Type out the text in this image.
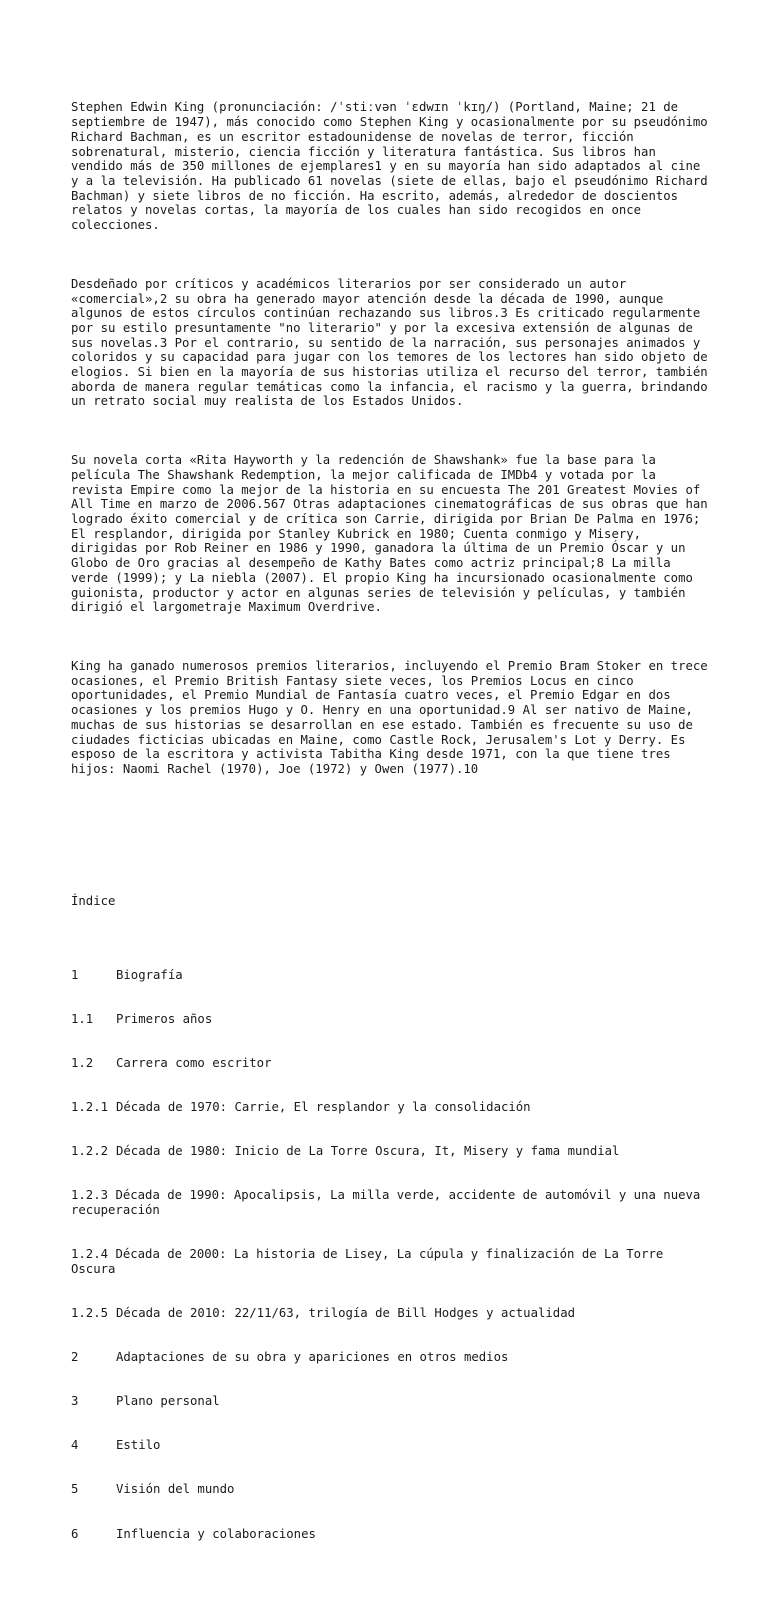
Stephen Edwin King (pronunciación: /ˈstiːvən ˈɛdwɪn ˈkɪŋ/) (Portland, Maine; 21 de septiembre de 1947), más conocido como Stephen King y ocasionalmente por su pseudónimo Richard Bachman, es un escritor estadounidense de novelas de terror, ficción sobrenatural, misterio, ciencia ficción y literatura fantástica. Sus libros han vendido más de 350 millones de ejemplares1 y en su mayoría han sido adaptados al cine y a la televisión. Ha publicado 61 novelas (siete de ellas, bajo el pseudónimo Richard Bachman) y siete libros de no ficción. Ha escrito, además, alrededor de doscientos relatos y novelas cortas, la mayoría de los cuales han sido recogidos en once colecciones.

Desdeñado por críticos y académicos literarios por ser considerado un autor «comercial»,2 su obra ha generado mayor atención desde la década de 1990, aunque algunos de estos círculos continúan rechazando sus libros.3 Es criticado regularmente por su estilo presuntamente "no literario" y por la excesiva extensión de algunas de sus novelas.3 Por el contrario, su sentido de la narración, sus personajes animados y coloridos y su capacidad para jugar con los temores de los lectores han sido objeto de elogios. Si bien en la mayoría de sus historias utiliza el recurso del terror, también aborda de manera regular temáticas como la infancia, el racismo y la guerra, brindando un retrato social muy realista de los Estados Unidos.

Su novela corta «Rita Hayworth y la redención de Shawshank» fue la base para la película The Shawshank Redemption, la mejor calificada de IMDb4 y votada por la revista Empire como la mejor de la historia en su encuesta The 201 Greatest Movies of All Time en marzo de 2006.567 Otras adaptaciones cinematográficas de sus obras que han logrado éxito comercial y de crítica son Carrie, dirigida por Brian De Palma en 1976; El resplandor, dirigida por Stanley Kubrick en 1980; Cuenta conmigo y Misery, dirigidas por Rob Reiner en 1986 y 1990, ganadora la última de un Premio Óscar y un Globo de Oro gracias al desempeño de Kathy Bates como actriz principal;8 La milla verde (1999); y La niebla (2007). El propio King ha incursionado ocasionalmente como guionista, productor y actor en algunas series de televisión y películas, y también dirigió el largometraje Maximum Overdrive.

King ha ganado numerosos premios literarios, incluyendo el Premio Bram Stoker en trece ocasiones, el Premio British Fantasy siete veces, los Premios Locus en cinco oportunidades, el Premio Mundial de Fantasía cuatro veces, el Premio Edgar en dos ocasiones y los premios Hugo y O. Henry en una oportunidad.9 Al ser nativo de Maine, muchas de sus historias se desarrollan en ese estado. También es frecuente su uso de ciudades ficticias ubicadas en Maine, como Castle Rock, Jerusalem's Lot y Derry. Es esposo de la escritora y activista Tabitha King desde 1971, con la que tiene tres hijos: Naomi Rachel (1970), Joe (1972) y Owen (1977).10

Índice

1	Biografía

1.1	Primeros años

1.2	Carrera como escritor

1.2.1 Década de 1970: Carrie, El resplandor y la consolidación

1.2.2 Década de 1980: Inicio de La Torre Oscura, It, Misery y fama mundial

1.2.3 Década de 1990: Apocalipsis, La milla verde, accidente de automóvil y una nueva recuperación

1.2.4 Década de 2000: La historia de Lisey, La cúpula y finalización de La Torre Oscura

1.2.5 Década de 2010: 22/11/63, trilogía de Bill Hodges y actualidad

2	Adaptaciones de su obra y apariciones en otros medios

3	Plano personal

4	Estilo

5	Visión del mundo

6	Influencia y colaboraciones
